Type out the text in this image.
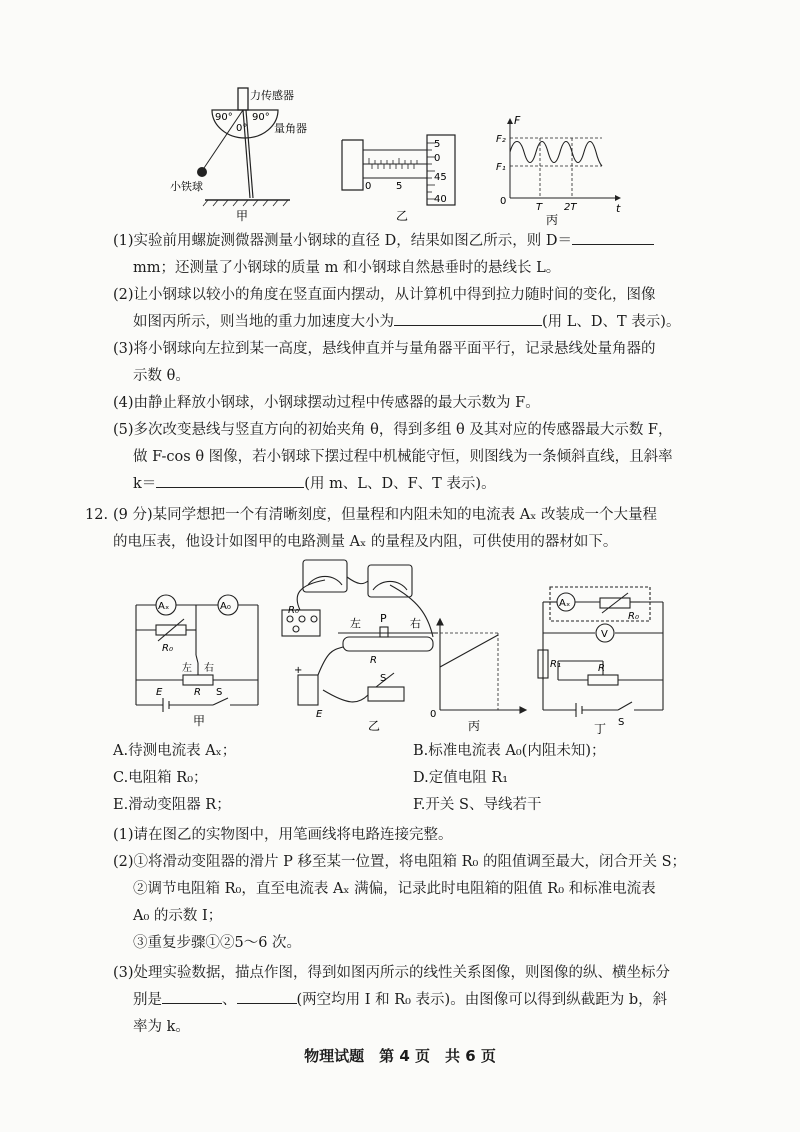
力传感器
量角器
小铁球
90° 90°
0°
甲
5
0
45
40
0 5
乙
F
F₂
F₁
0
T 2T	t
丙
(1)实验前用螺旋测微器测量小钢球的直径 D，结果如图乙所示，则 D＝
mm；还测量了小钢球的质量 m 和小钢球自然悬垂时的悬线长 L。
(2)让小钢球以较小的角度在竖直面内摆动，从计算机中得到拉力随时间的变化，图像
如图丙所示，则当地的重力加速度大小为	(用 L、D、T 表示)。
(3)将小钢球向左拉到某一高度，悬线伸直并与量角器平面平行，记录悬线处量角器的
示数 θ。
(4)由静止释放小钢球，小钢球摆动过程中传感器的最大示数为 F。
(5)多次改变悬线与竖直方向的初始夹角 θ，得到多组 θ 及其对应的传感器最大示数 F，
做 F-cos θ 图像，若小钢球下摆过程中机械能守恒，则图线为一条倾斜直线，且斜率
k＝	(用 m、L、D、F、T 表示)。
12. (9 分)某同学想把一个有清晰刻度，但量程和内阻未知的电流表 Aₓ 改装成一个大量程
的电压表，他设计如图甲的电路测量 Aₓ 的量程及内阻，可供使用的器材如下。
Aₓ	A₀
R₀
左 右
E	R S
甲
R₀
左 P 右
R
+
E
S
乙
0
丙
Aₓ
R₀
V
R₁	R
S
丁
A.待测电流表 Aₓ；	B.标准电流表 A₀(内阻未知)；
C.电阻箱 R₀；	D.定值电阻 R₁
E.滑动变阻器 R；	F.开关 S、导线若干
(1)请在图乙的实物图中，用笔画线将电路连接完整。
(2)①将滑动变阻器的滑片 P 移至某一位置，将电阻箱 R₀ 的阻值调至最大，闭合开关 S；
②调节电阻箱 R₀，直至电流表 Aₓ 满偏，记录此时电阻箱的阻值 R₀ 和标准电流表
A₀ 的示数 I；
③重复步骤①②5～6 次。
(3)处理实验数据，描点作图，得到如图丙所示的线性关系图像，则图像的纵、横坐标分
别是	、	(两空均用 I 和 R₀ 表示)。由图像可以得到纵截距为 b，斜
率为 k。
物理试题　第 4 页　共 6 页
